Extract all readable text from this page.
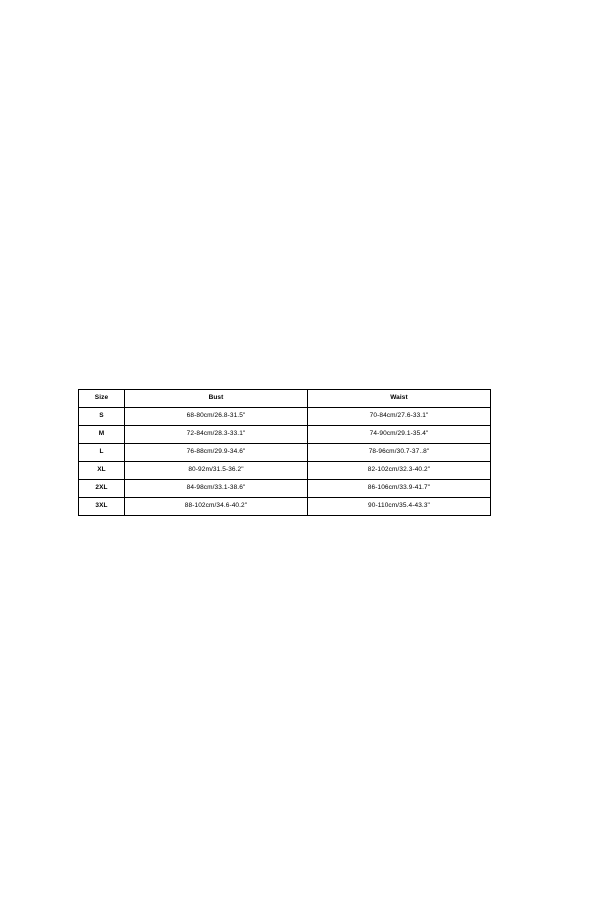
Size	Bust	Waist
S	68-80cm/26.8-31.5"	70-84cm/27.6-33.1"
M	72-84cm/28.3-33.1"	74-90cm/29.1-35.4"
L	76-88cm/29.9-34.6"	78-96cm/30.7-37..8"
XL	80-92m/31.5-36.2"	82-102cm/32.3-40.2"
2XL	84-98cm/33.1-38.6"	86-106cm/33.9-41.7"
3XL	88-102cm/34.6-40.2"	90-110cm/35.4-43.3"
